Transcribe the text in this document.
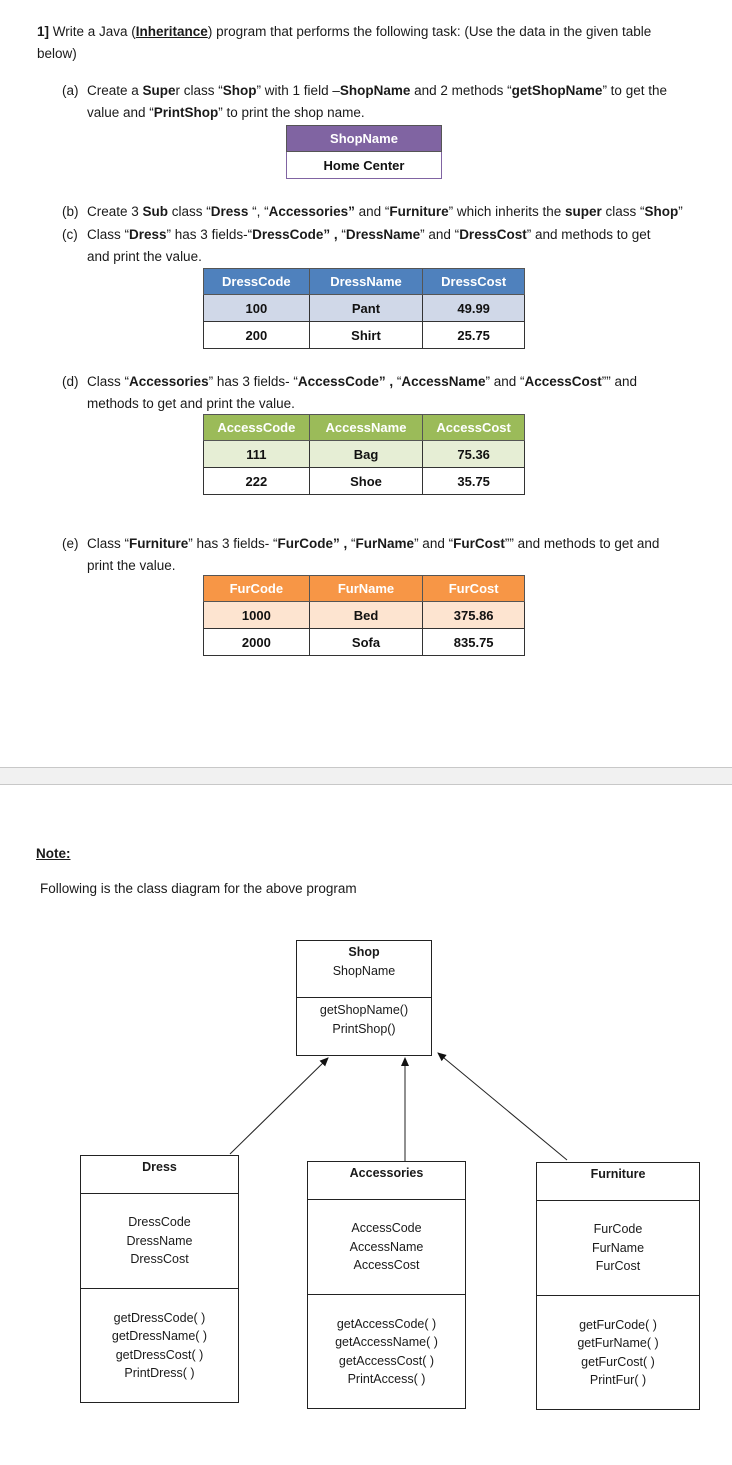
1] Write a Java (Inheritance) program that performs the following task: (Use the data in the given table
below)
(a) Create a Super class “Shop” with 1 field –ShopName and 2 methods “getShopName” to get the
value and “PrintShop” to print the shop name.
ShopName
Home Center
(b) Create 3 Sub class “Dress “, “Accessories” and “Furniture” which inherits the super class “Shop”
(c) Class “Dress” has 3 fields-“DressCode” , “DressName” and “DressCost” and methods to get
and print the value.
DressCode	DressName	DressCost
100	Pant	49.99
200	Shirt	25.75
(d) Class “Accessories” has 3 fields- “AccessCode” , “AccessName” and “AccessCost”” and
methods to get and print the value.
AccessCode	AccessName	AccessCost
111	Bag	75.36
222	Shoe	35.75
(e) Class “Furniture” has 3 fields- “FurCode” , “FurName” and “FurCost”” and methods to get and
print the value.
FurCode	FurName	FurCost
1000	Bed	375.86
2000	Sofa	835.75
Note:
Following is the class diagram for the above program
Shop
ShopName
getShopName()
PrintShop()
Dress
DressCode
DressName
DressCost
getDressCode( )
getDressName( )
getDressCost( )
PrintDress( )
Accessories
AccessCode
AccessName
AccessCost
getAccessCode( )
getAccessName( )
getAccessCost( )
PrintAccess( )
Furniture
FurCode
FurName
FurCost
getFurCode( )
getFurName( )
getFurCost( )
PrintFur( )
